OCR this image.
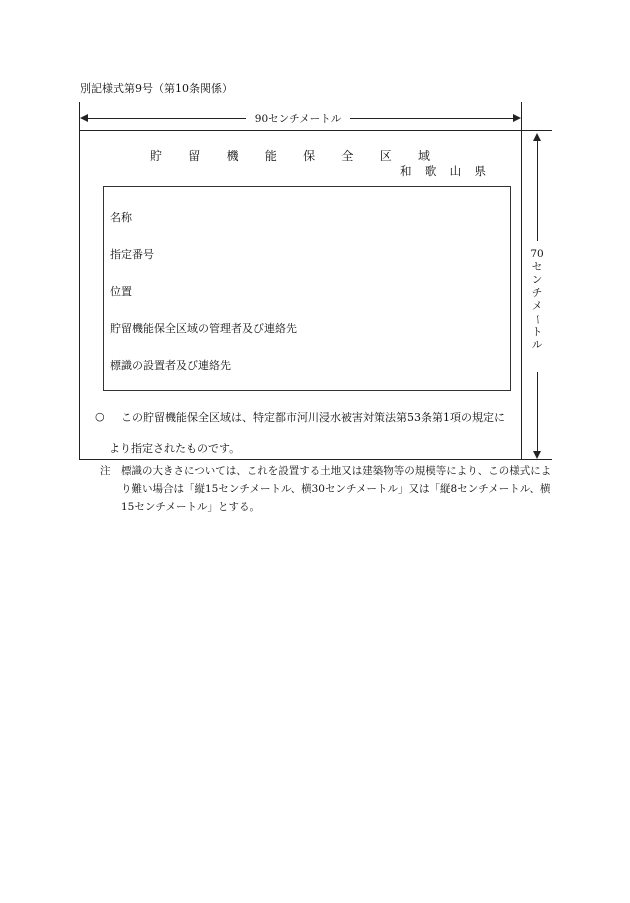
別記様式第9号（第10条関係）
90センチメートル
70
セ
ン
チ
メ
ー
ト
ル
貯 留 機 能 保 全 区 域
和 歌 山 県
名称
指定番号
位置
貯留機能保全区域の管理者及び連絡先
標識の設置者及び連絡先
○ この貯留機能保全区域は、特定都市河川浸水被害対策法第53条第1項の規定に
より指定されたものです。
注 標識の大きさについては、これを設置する土地又は建築物等の規模等により、この様式により難い場合は「縦15センチメートル、横30センチメートル」又は「縦8センチメートル、横15センチメートル」とする。
